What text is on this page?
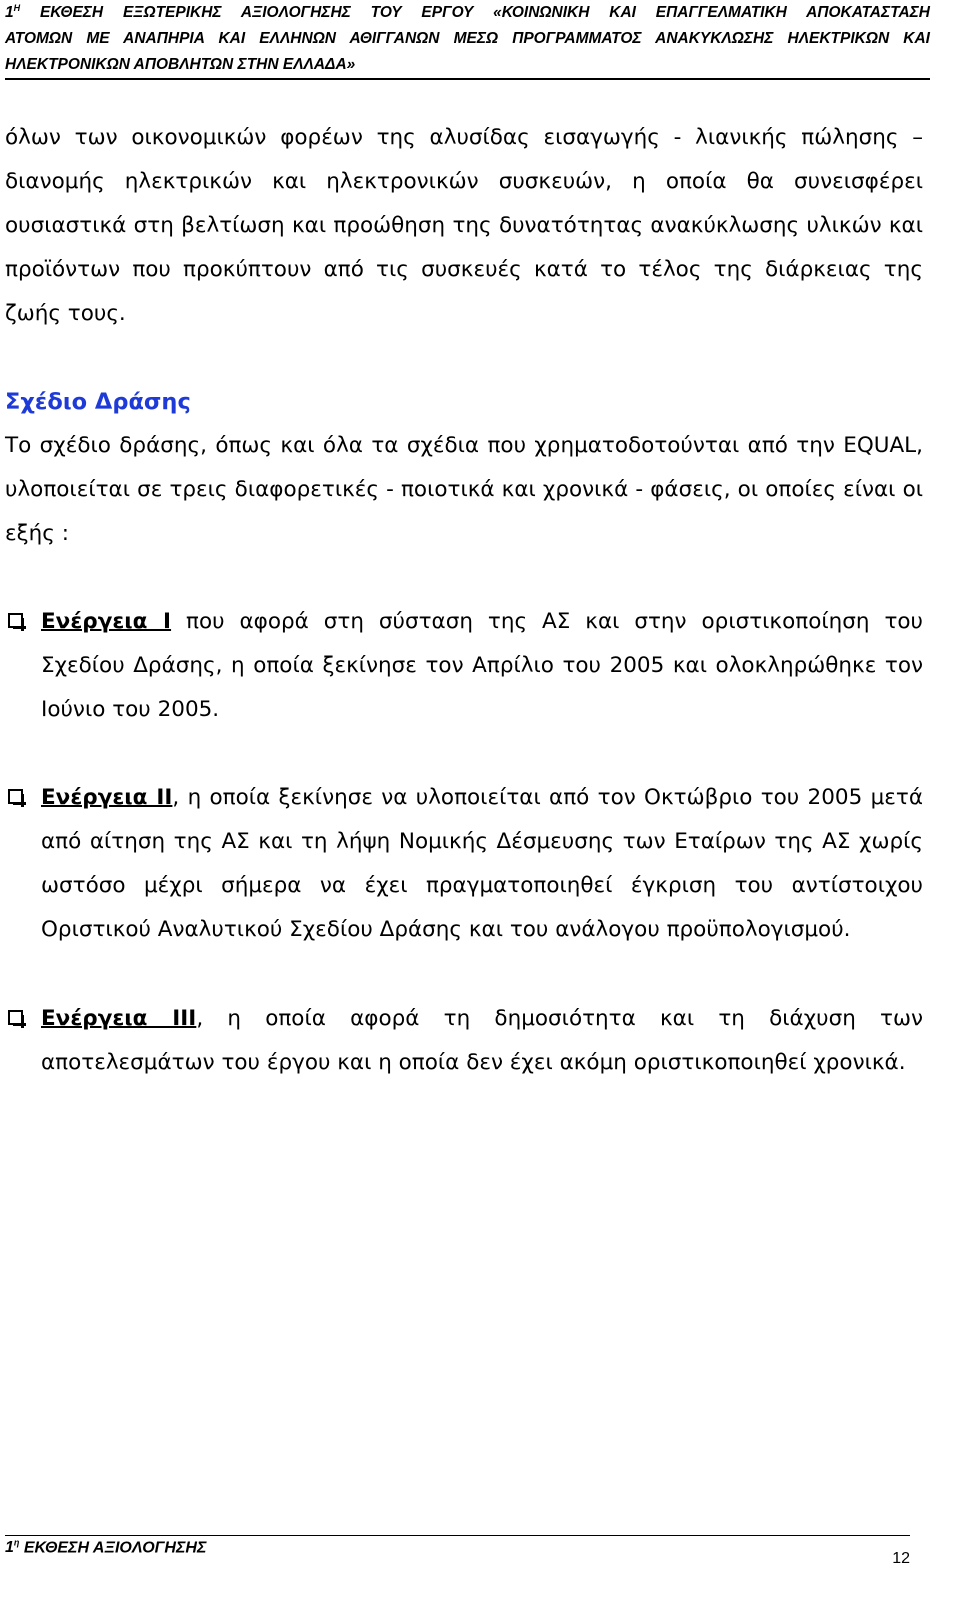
$1^H$ ΕΚΘΕΣΗ ΕΞΩΤΕΡΙΚΗΣ ΑΞΙΟΛΟΓΗΣΗΣ ΤΟΥ ΕΡΓΟΥ «ΚΟΙΝΩΝΙΚΗ ΚΑΙ ΕΠΑΓΓΕΛΜΑΤΙΚΗ ΑΠΟΚΑΤΑΣΤΑΣΗ
ΑΤΟΜΩΝ ΜΕ ΑΝΑΠΗΡΙΑ ΚΑΙ ΕΛΛΗΝΩΝ ΑΘΙΓΓΑΝΩΝ ΜΕΣΩ ΠΡΟΓΡΑΜΜΑΤΟΣ ΑΝΑΚΥΚΛΩΣΗΣ ΗΛΕΚΤΡΙΚΩΝ ΚΑΙ
ΗΛΕΚΤΡΟΝΙΚΩΝ ΑΠΟΒΛΗΤΩΝ ΣΤΗΝ ΕΛΛΑΔΑ»
όλων των οικονομικών φορέων της αλυσίδας εισαγωγής - λιανικής πώλησης – διανομής ηλεκτρικών και ηλεκτρονικών συσκευών, η οποία θα συνεισφέρει ουσιαστικά στη βελτίωση και προώθηση της δυνατότητας ανακύκλωσης υλικών και προϊόντων που προκύπτουν από τις συσκευές κατά το τέλος της διάρκειας της ζωής τους.
Σχέδιο Δράσης
Το σχέδιο δράσης, όπως και όλα τα σχέδια που χρηματοδοτούνται από την EQUAL, υλοποιείται σε τρεις διαφορετικές - ποιοτικά και χρονικά - φάσεις, οι οποίες είναι οι εξής :
Ενέργεια Ι που αφορά στη σύσταση της ΑΣ και στην οριστικοποίηση του Σχεδίου Δράσης, η οποία ξεκίνησε τον Απρίλιο του 2005 και ολοκληρώθηκε τον Ιούνιο του 2005.
Ενέργεια ΙΙ, η οποία ξεκίνησε να υλοποιείται από τον Οκτώβριο του 2005 μετά από αίτηση της ΑΣ και τη λήψη Νομικής Δέσμευσης των Εταίρων της ΑΣ χωρίς ωστόσο μέχρι σήμερα να έχει πραγματοποιηθεί έγκριση του αντίστοιχου Οριστικού Αναλυτικού Σχεδίου Δράσης και του ανάλογου προϋπολογισμού.
Ενέργεια ΙΙΙ, η οποία αφορά τη δημοσιότητα και τη διάχυση των αποτελεσμάτων του έργου και η οποία δεν έχει ακόμη οριστικοποιηθεί χρονικά.
$1^\eta$ ΕΚΘΕΣΗ ΑΞΙΟΛΟΓΗΣΗΣ
12
